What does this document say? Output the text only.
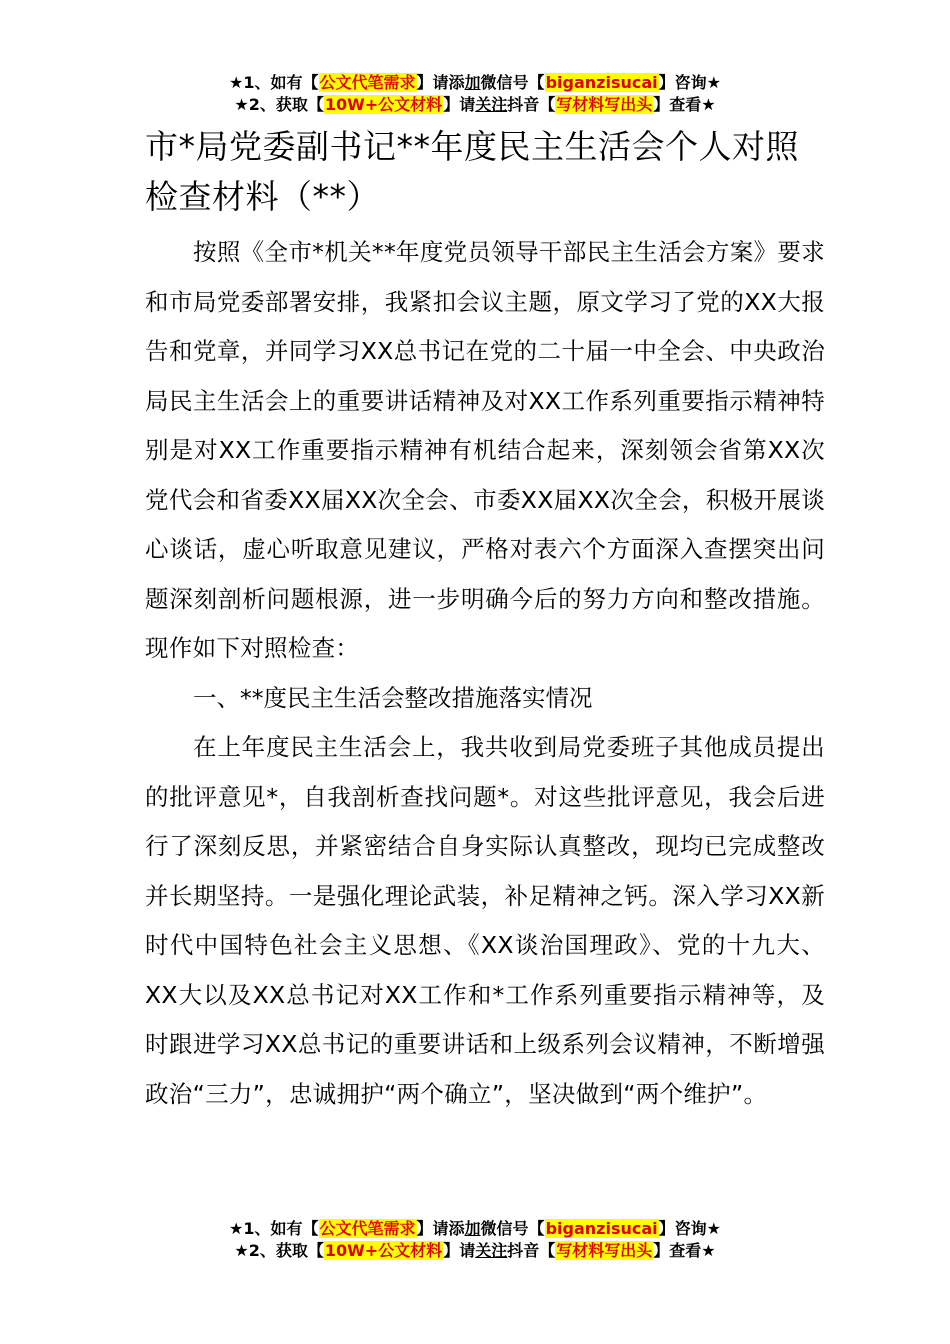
★1、如有【公文代笔需求】请添加微信号【biganzisucai】咨询★
★2、获取【10W+公文材料】请关注抖音【写材料写出头】查看★
市*局党委副书记**年度民主生活会个人对照检查材料（**）

按照《全市*机关**年度党员领导干部民主生活会方案》要求和市局党委部署安排，我紧扣会议主题，原文学习了党的XX大报告和党章，并同学习XX总书记在党的二十届一中全会、中央政治局民主生活会上的重要讲话精神及对XX工作系列重要指示精神特别是对XX工作重要指示精神有机结合起来，深刻领会省第XX次党代会和省委XX届XX次全会、市委XX届XX次全会，积极开展谈心谈话，虚心听取意见建议，严格对表六个方面深入查摆突出问题深刻剖析问题根源，进一步明确今后的努力方向和整改措施。现作如下对照检查：

一、**度民主生活会整改措施落实情况

在上年度民主生活会上，我共收到局党委班子其他成员提出的批评意见*，自我剖析查找问题*。对这些批评意见，我会后进行了深刻反思，并紧密结合自身实际认真整改，现均已完成整改并长期坚持。一是强化理论武装，补足精神之钙。深入学习XX新时代中国特色社会主义思想、《XX谈治国理政》、党的十九大、XX大以及XX总书记对XX工作和*工作系列重要指示精神等，及时跟进学习XX总书记的重要讲话和上级系列会议精神，不断增强政治“三力”，忠诚拥护“两个确立”，坚决做到“两个维护”。

★1、如有【公文代笔需求】请添加微信号【biganzisucai】咨询★
★2、获取【10W+公文材料】请关注抖音【写材料写出头】查看★
